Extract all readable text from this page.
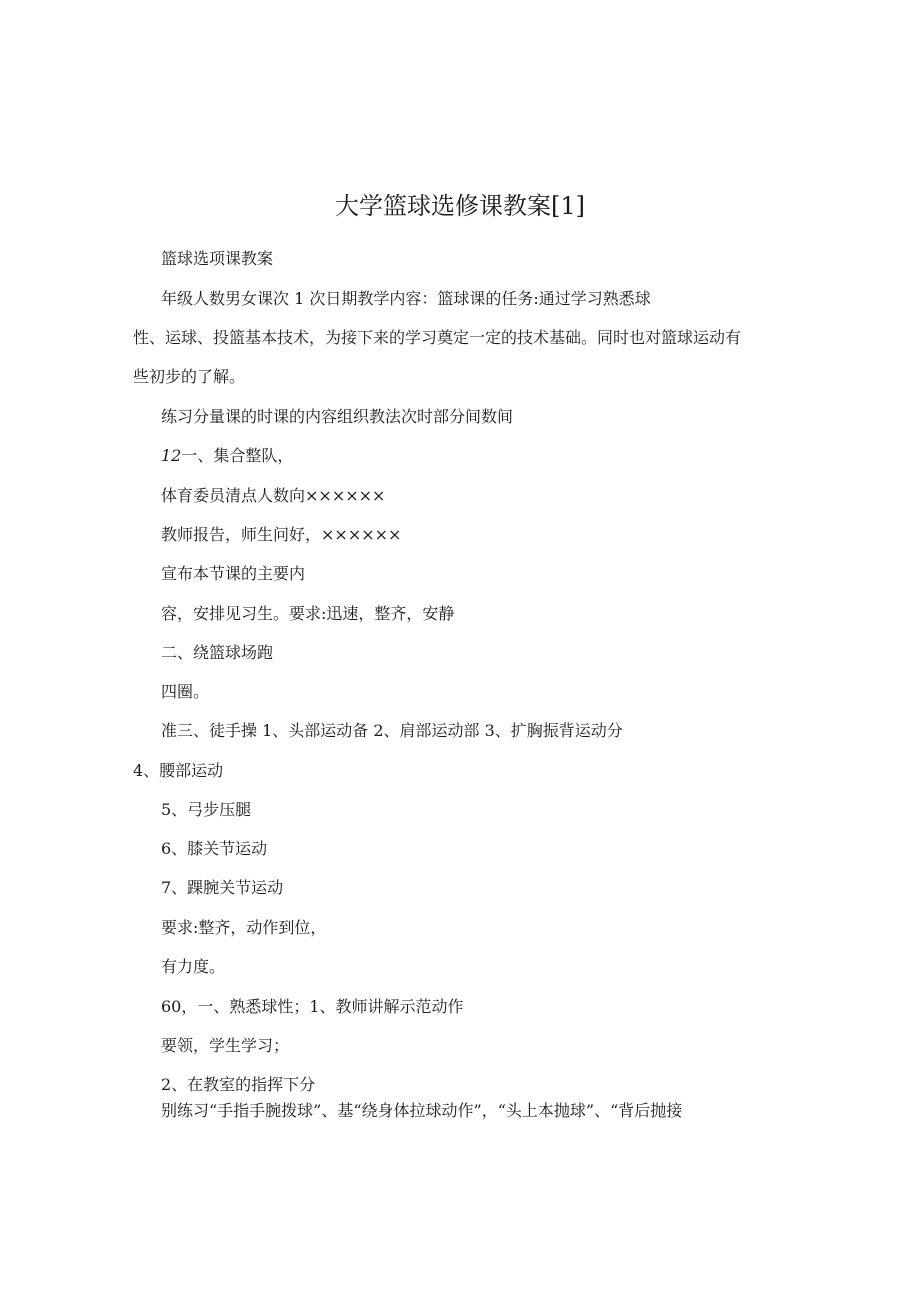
大学篮球选修课教案[1]
篮球选项课教案
年级人数男女课次 1 次日期教学内容：篮球课的任务:通过学习熟悉球
性、运球、投篮基本技术，为接下来的学习奠定一定的技术基础。同时也对篮球运动有
些初步的了解。
练习分量课的时课的内容组织教法次时部分间数间
12一、集合整队，
体育委员清点人数向××××××
教师报告，师生问好，××××××
宣布本节课的主要内
容，安排见习生。要求:迅速，整齐，安静
二、绕篮球场跑
四圈。
准三、徒手操 1、头部运动备 2、肩部运动部 3、扩胸振背运动分
4、腰部运动
5、弓步压腿
6、膝关节运动
7、踝腕关节运动
要求:整齐，动作到位，
有力度。
60，一、熟悉球性；1、教师讲解示范动作
要领，学生学习；
2、在教室的指挥下分
别练习“手指手腕拨球”、基“绕身体拉球动作”，“头上本抛球”、“背后抛接
